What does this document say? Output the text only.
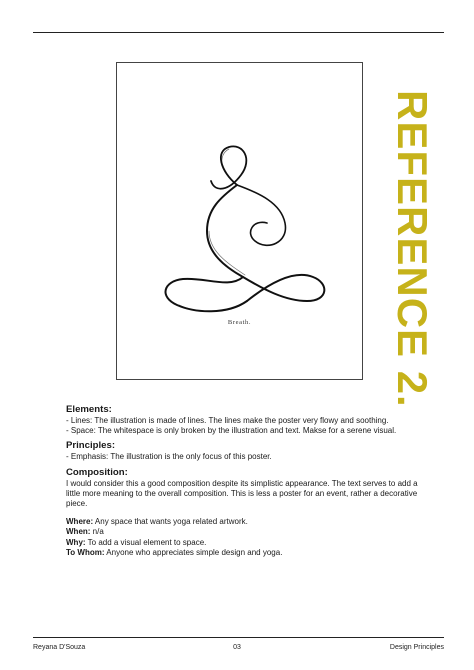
Breath.	REFERENCE 2.
Elements:

- Lines: The illustration is made of lines. The lines make the poster very flowy and soothing.

- Space: The whitespace is only broken by the illustration and text. Makse for a serene visual.

Principles:

- Emphasis: The illustration is the only focus of this poster.

Composition:

I would consider this a good composition despite its simplistic appearance. The text serves to add a little more meaning to the overall composition. This is less a poster for an event, rather a decorative piece.

Where: Any space that wants yoga related artwork.

When: n/a

Why: To add a visual element to space.

To Whom: Anyone who appreciates simple design and yoga.

Reyana D'Souza	03	Design Principles
